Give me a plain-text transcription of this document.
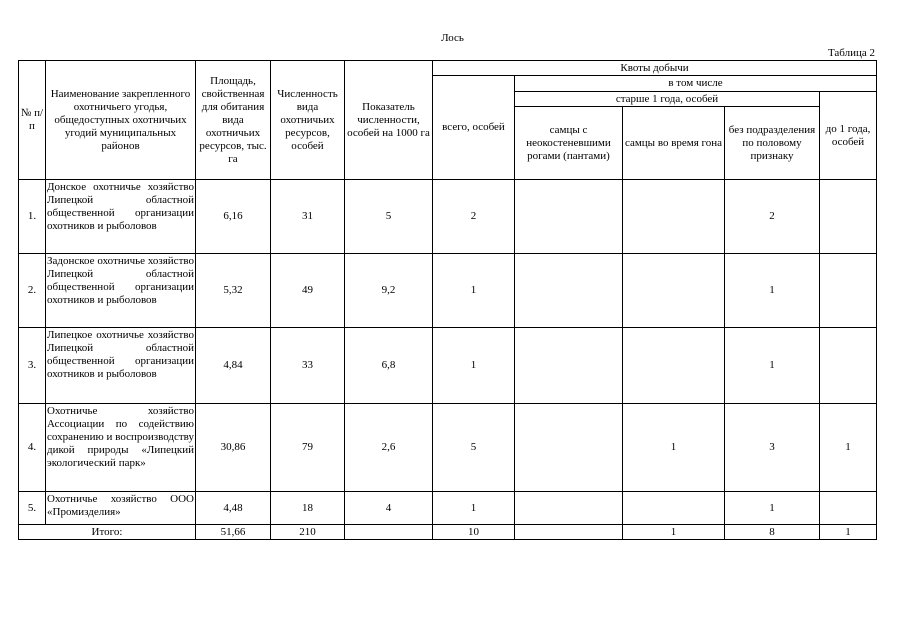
Лось
Таблица 2
№ п/п	Наименование закрепленного охотничьего угодья, общедоступных охотничьих угодий муниципальных районов	Площадь, свойственная для обитания вида охотничьих ресурсов, тыс. га	Численность вида охотничьих ресурсов, особей	Показатель численности, особей на 1000 га	Квоты добычи				
					всего, особей	в том числе			
						старше 1 года, особей			до 1 года, особей
						самцы с неокостеневшими рогами (пантами)	самцы во время гона	без подразделения по половому признаку	
1.	Донское охотничье хозяйство Липецкой областной общественной организации охотников и рыболовов	6,16	31	5	2			2	
2.	Задонское охотничье хозяйство Липецкой областной общественной организации охотников и рыболовов	5,32	49	9,2	1			1	
3.	Липецкое охотничье хозяйство Липецкой областной общественной организации охотников и рыболовов	4,84	33	6,8	1			1	
4.	Охотничье хозяйство Ассоциации по содействию сохранению и воспроизводству дикой природы «Липецкий экологический парк»	30,86	79	2,6	5		1	3	1
5.	Охотничье хозяйство ООО «Промизделия»	4,48	18	4	1			1	
Итого:		51,66	210		10		1	8	1
